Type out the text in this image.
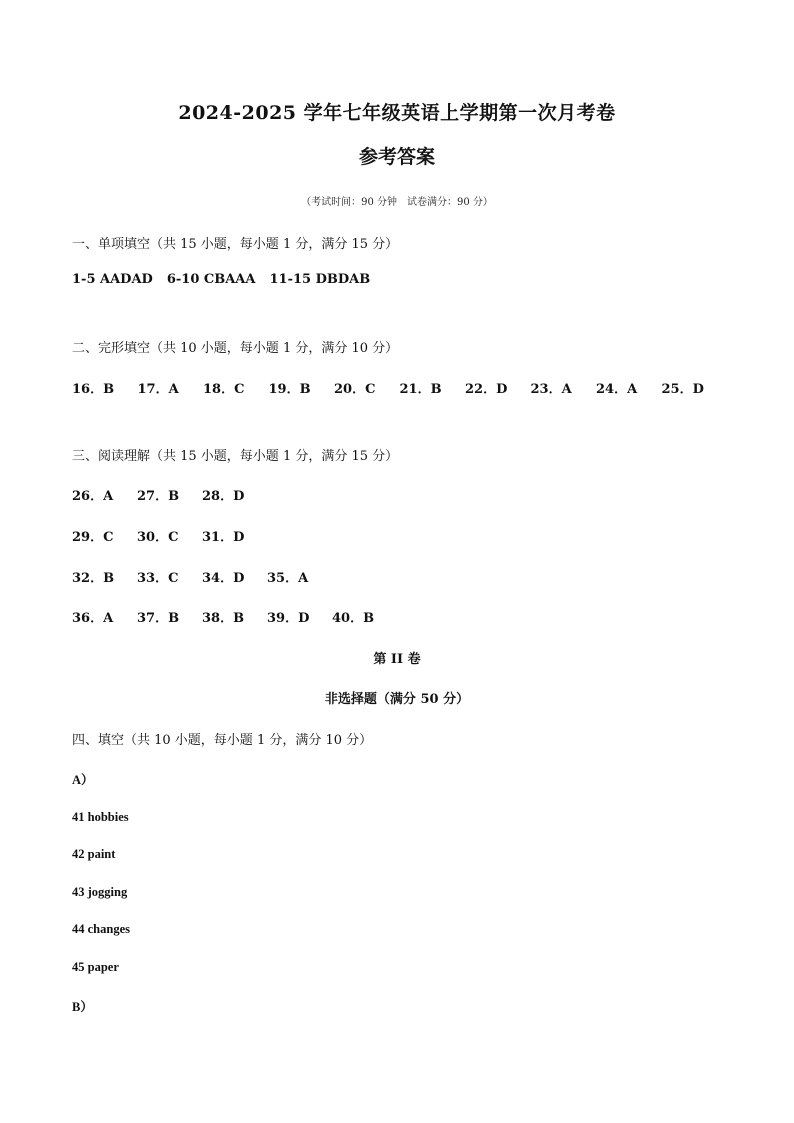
2024-2025 学年七年级英语上学期第一次月考卷
参考答案
（考试时间：90 分钟　试卷满分：90 分）
一、单项填空（共 15 小题，每小题 1 分，满分 15 分）
1-5 AADAD 6-10 CBAAA 11-15 DBDAB
二、完形填空（共 10 小题，每小题 1 分，满分 10 分）
16．B	17．A	18．C	19．B	20．C	21．B	22．D	23．A	24．A	25．D
三、阅读理解（共 15 小题，每小题 1 分，满分 15 分）
26．A	27．B	28．D
29．C	30．C	31．D
32．B	33．C	34．D	35．A
36．A	37．B	38．B	39．D	40．B
第 II 卷
非选择题（满分 50 分）
四、填空（共 10 小题，每小题 1 分，满分 10 分）
A）
41 hobbies
42 paint
43 jogging
44 changes
45 paper
B）
